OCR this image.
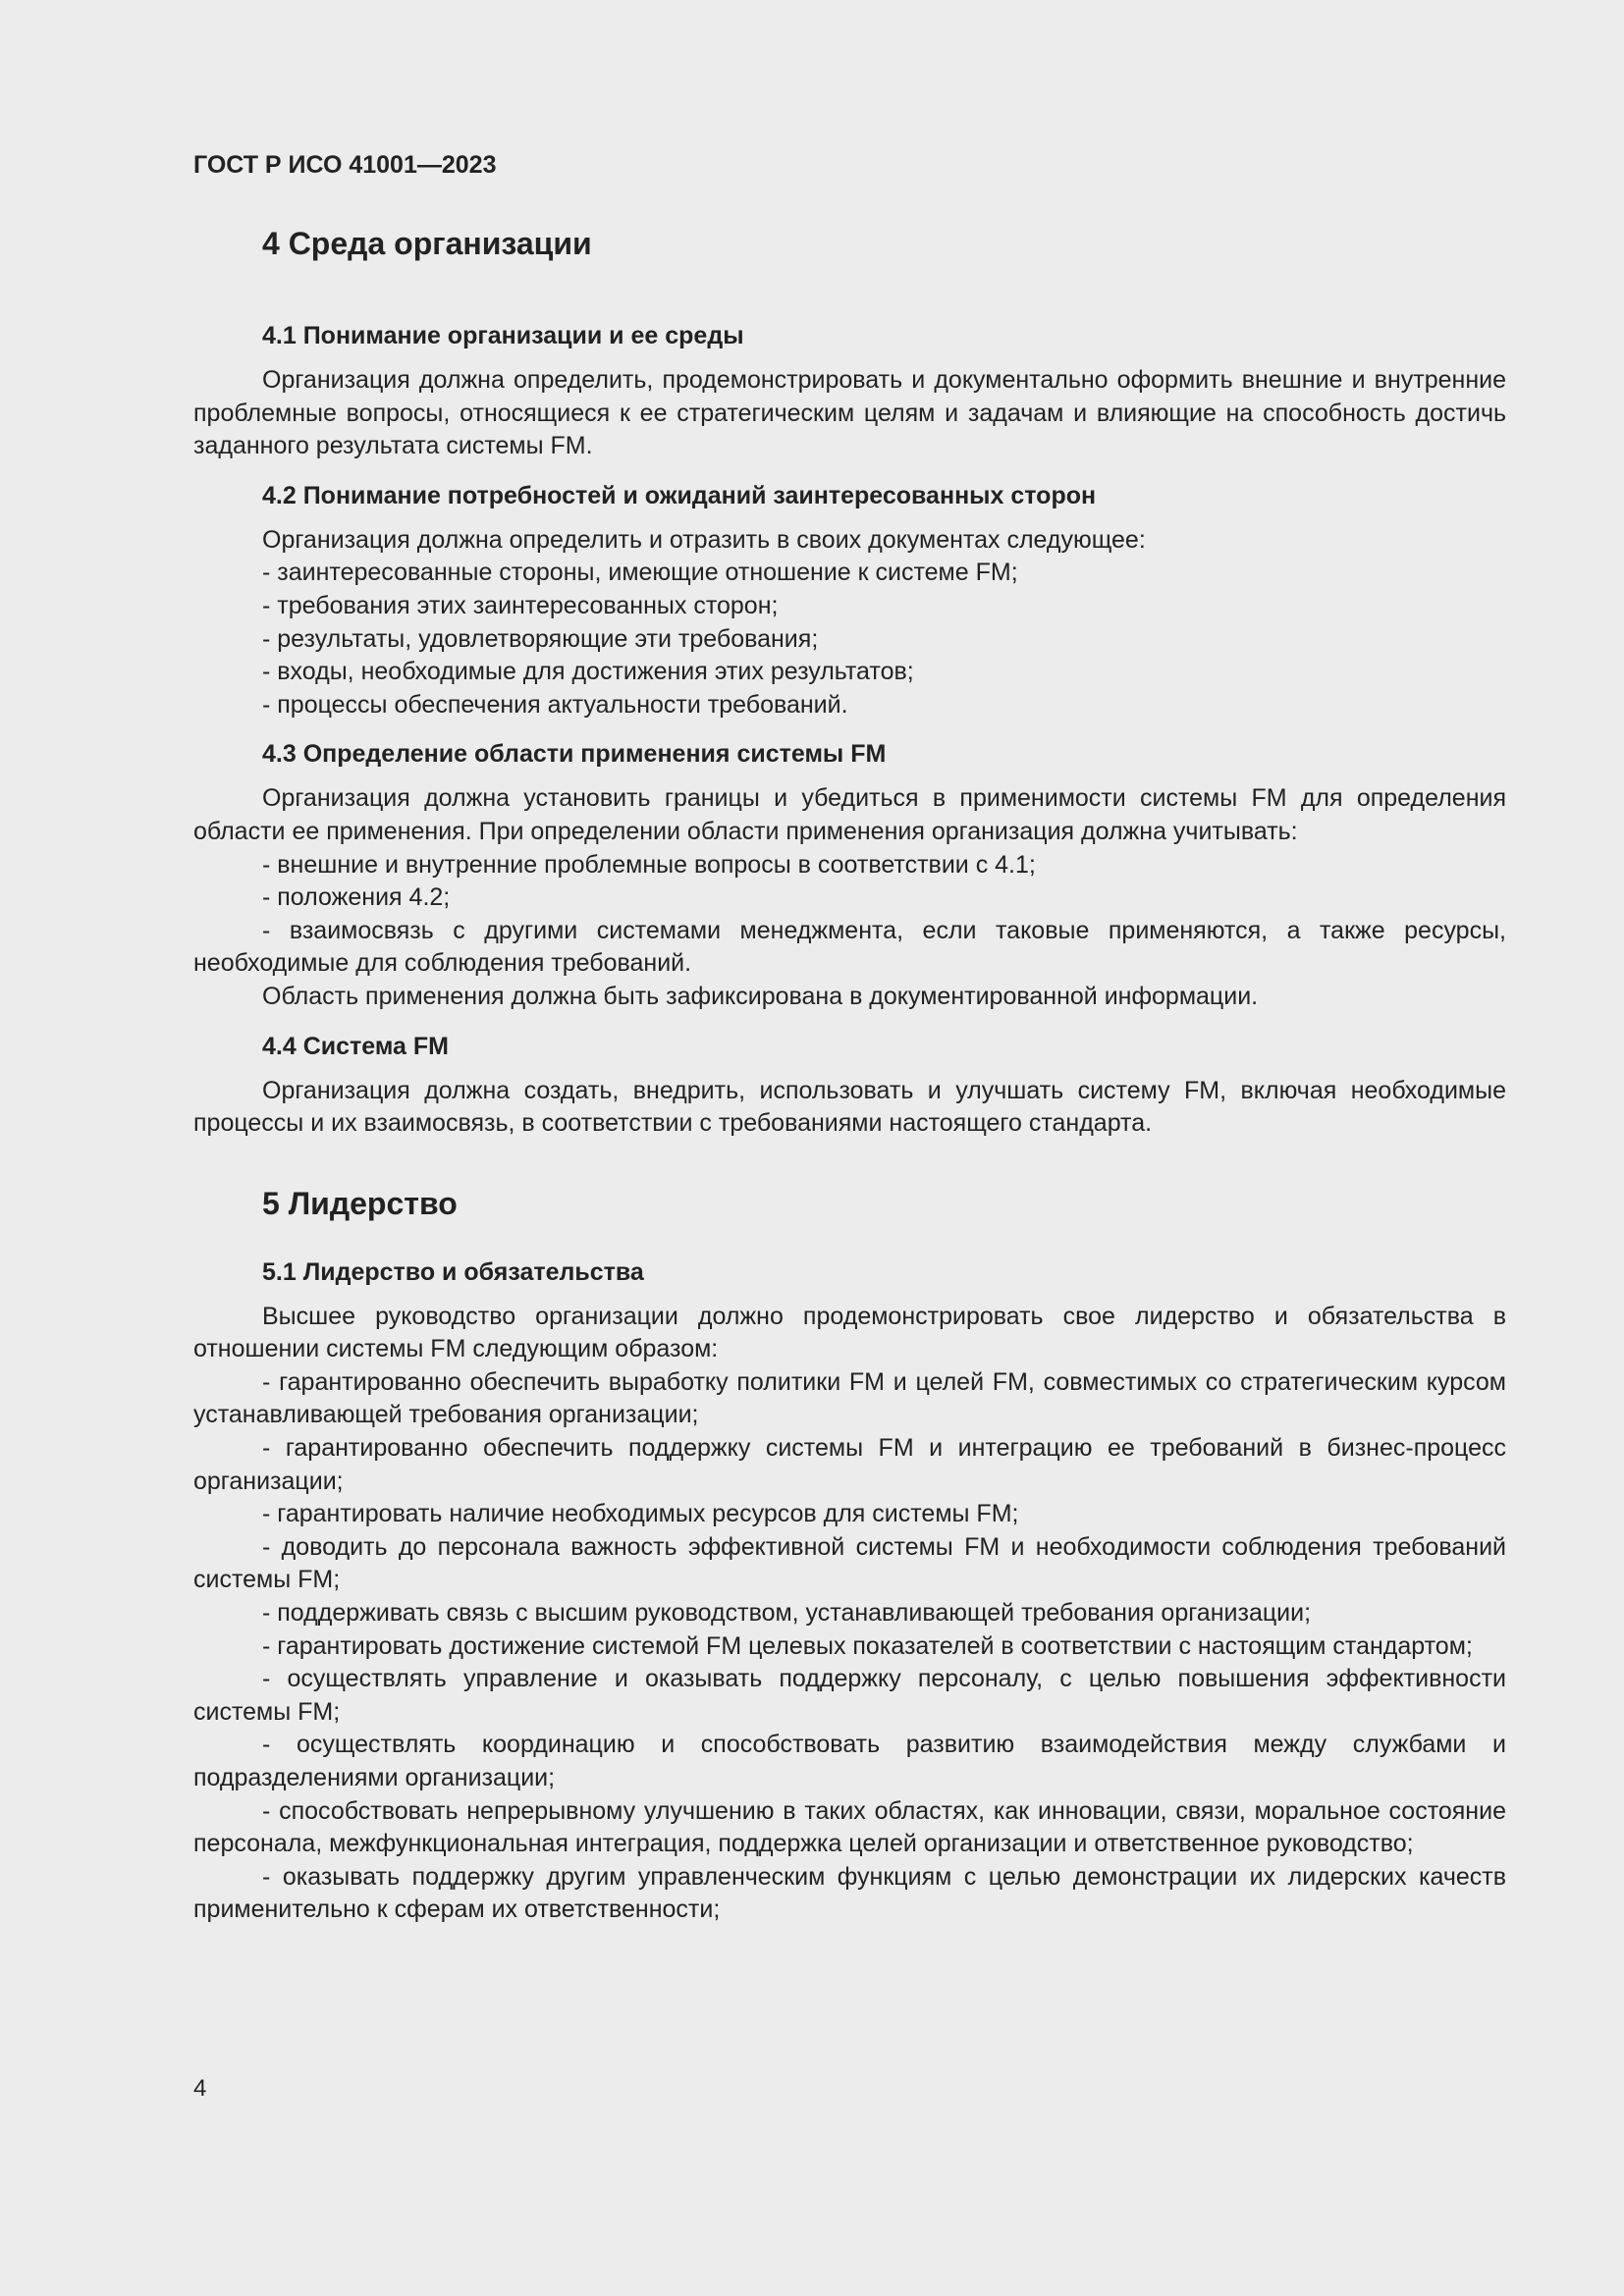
ГОСТ Р ИСО 41001—2023
4 Среда организации
4.1 Понимание организации и ее среды

Организация должна определить, продемонстрировать и документально оформить внешние и внутренние проблемные вопросы, относящиеся к ее стратегическим целям и задачам и влияющие на способность достичь заданного результата системы FM.

4.2 Понимание потребностей и ожиданий заинтересованных сторон

Организация должна определить и отразить в своих документах следующее:

- заинтересованные стороны, имеющие отношение к системе FM;

- требования этих заинтересованных сторон;

- результаты, удовлетворяющие эти требования;

- входы, необходимые для достижения этих результатов;

- процессы обеспечения актуальности требований.

4.3 Определение области применения системы FM

Организация должна установить границы и убедиться в применимости системы FM для определения области ее применения. При определении области применения организация должна учитывать:

- внешние и внутренние проблемные вопросы в соответствии с 4.1;

- положения 4.2;

- взаимосвязь с другими системами менеджмента, если таковые применяются, а также ресурсы, необходимые для соблюдения требований.

Область применения должна быть зафиксирована в документированной информации.

4.4 Система FM

Организация должна создать, внедрить, использовать и улучшать систему FM, включая необходимые процессы и их взаимосвязь, в соответствии с требованиями настоящего стандарта.

5 Лидерство
5.1 Лидерство и обязательства

Высшее руководство организации должно продемонстрировать свое лидерство и обязательства в отношении системы FM следующим образом:

- гарантированно обеспечить выработку политики FM и целей FM, совместимых со стратегическим курсом устанавливающей требования организации;

- гарантированно обеспечить поддержку системы FM и интеграцию ее требований в бизнес-процесс организации;

- гарантировать наличие необходимых ресурсов для системы FM;

- доводить до персонала важность эффективной системы FM и необходимости соблюдения требований системы FM;

- поддерживать связь с высшим руководством, устанавливающей требования организации;

- гарантировать достижение системой FM целевых показателей в соответствии с настоящим стандартом;

- осуществлять управление и оказывать поддержку персоналу, с целью повышения эффективности системы FM;

- осуществлять координацию и способствовать развитию взаимодействия между службами и подразделениями организации;

- способствовать непрерывному улучшению в таких областях, как инновации, связи, моральное состояние персонала, межфункциональная интеграция, поддержка целей организации и ответственное руководство;

- оказывать поддержку другим управленческим функциям с целью демонстрации их лидерских качеств применительно к сферам их ответственности;

4
